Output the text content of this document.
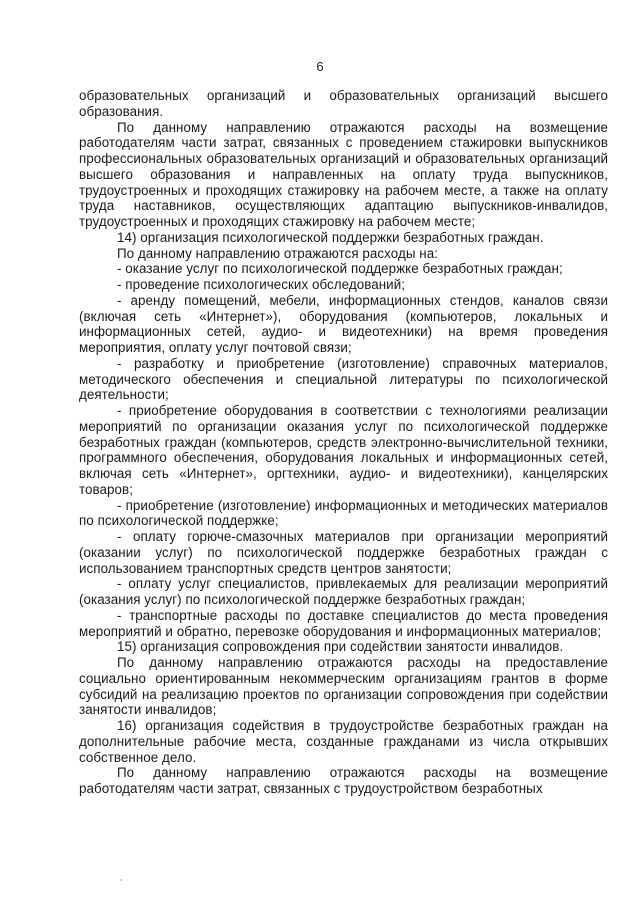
6

образовательных организаций и образовательных организаций высшего образования.

По данному направлению отражаются расходы на возмещение работодателям части затрат, связанных с проведением стажировки выпускников профессиональных образовательных организаций и образовательных организаций высшего образования и направленных на оплату труда выпускников, трудоустроенных и проходящих стажировку на рабочем месте, а также на оплату труда наставников, осуществляющих адаптацию выпускников-инвалидов, трудоустроенных и проходящих стажировку на рабочем месте;

14) организация психологической поддержки безработных граждан.

По данному направлению отражаются расходы на:

- оказание услуг по психологической поддержке безработных граждан;

- проведение психологических обследований;

- аренду помещений, мебели, информационных стендов, каналов связи (включая сеть «Интернет»), оборудования (компьютеров, локальных и информационных сетей, аудио- и видеотехники) на время проведения мероприятия, оплату услуг почтовой связи;

- разработку и приобретение (изготовление) справочных материалов, методического обеспечения и специальной литературы по психологической деятельности;

- приобретение оборудования в соответствии с технологиями реализации мероприятий по организации оказания услуг по психологической поддержке безработных граждан (компьютеров, средств электронно-вычислительной техники, программного обеспечения, оборудования локальных и информационных сетей, включая сеть «Интернет», оргтехники, аудио- и видеотехники), канцелярских товаров;

- приобретение (изготовление) информационных и методических материалов по психологической поддержке;

- оплату горюче-смазочных материалов при организации мероприятий (оказании услуг) по психологической поддержке безработных граждан с использованием транспортных средств центров занятости;

- оплату услуг специалистов, привлекаемых для реализации мероприятий (оказания услуг) по психологической поддержке безработных граждан;

- транспортные расходы по доставке специалистов до места проведения мероприятий и обратно, перевозке оборудования и информационных материалов;

15) организация сопровождения при содействии занятости инвалидов.

По данному направлению отражаются расходы на предоставление социально ориентированным некоммерческим организациям грантов в форме субсидий на реализацию проектов по организации сопровождения при содействии занятости инвалидов;

16) организация содействия в трудоустройстве безработных граждан на дополнительные рабочие места, созданные гражданами из числа открывших собственное дело.

По данному направлению отражаются расходы на возмещение работодателям части затрат, связанных с трудоустройством безработных
